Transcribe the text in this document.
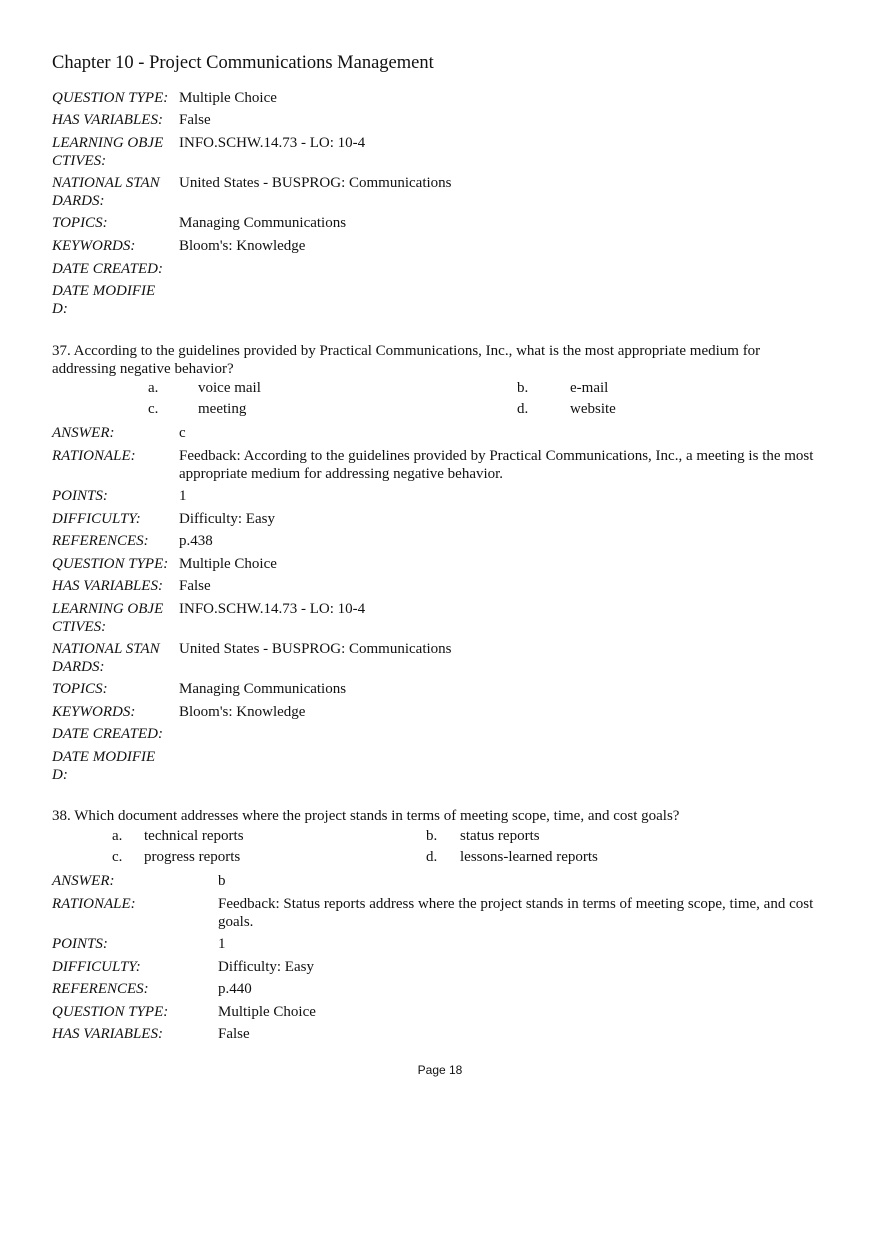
Chapter 10 - Project Communications Management
QUESTION TYPE: Multiple Choice
HAS VARIABLES:	False
LEARNING OBJECTIVES:
INFO.SCHW.14.73 - LO: 10-4
NATIONAL STANDARDS:
United States - BUSPROG: Communications
TOPICS:	Managing Communications
KEYWORDS:	Bloom's: Knowledge
DATE CREATED:
DATE MODIFIED:
37. According to the guidelines provided by Practical Communications, Inc., what is the most appropriate medium for addressing negative behavior?
a.	voice mail	b.	e-mail
c.	meeting	d.	website
ANSWER:	c
RATIONALE:	Feedback: According to the guidelines provided by Practical Communications, Inc., a meeting is the most appropriate medium for addressing negative behavior.
POINTS:	1
DIFFICULTY:	Difficulty: Easy
REFERENCES:	p.438
QUESTION TYPE: Multiple Choice
HAS VARIABLES:	False
LEARNING OBJECTIVES:
INFO.SCHW.14.73 - LO: 10-4
NATIONAL STANDARDS:
United States - BUSPROG: Communications
TOPICS:	Managing Communications
KEYWORDS:	Bloom's: Knowledge
DATE CREATED:
DATE MODIFIED:
38. Which document addresses where the project stands in terms of meeting scope, time, and cost goals?
a. technical reports	b. status reports
c. progress reports	d. lessons-learned reports
ANSWER:	b
RATIONALE:	Feedback: Status reports address where the project stands in terms of meeting scope, time, and cost goals.
POINTS:	1
DIFFICULTY:	Difficulty: Easy
REFERENCES:	p.440
QUESTION TYPE:	Multiple Choice
HAS VARIABLES:	False
Page 18
